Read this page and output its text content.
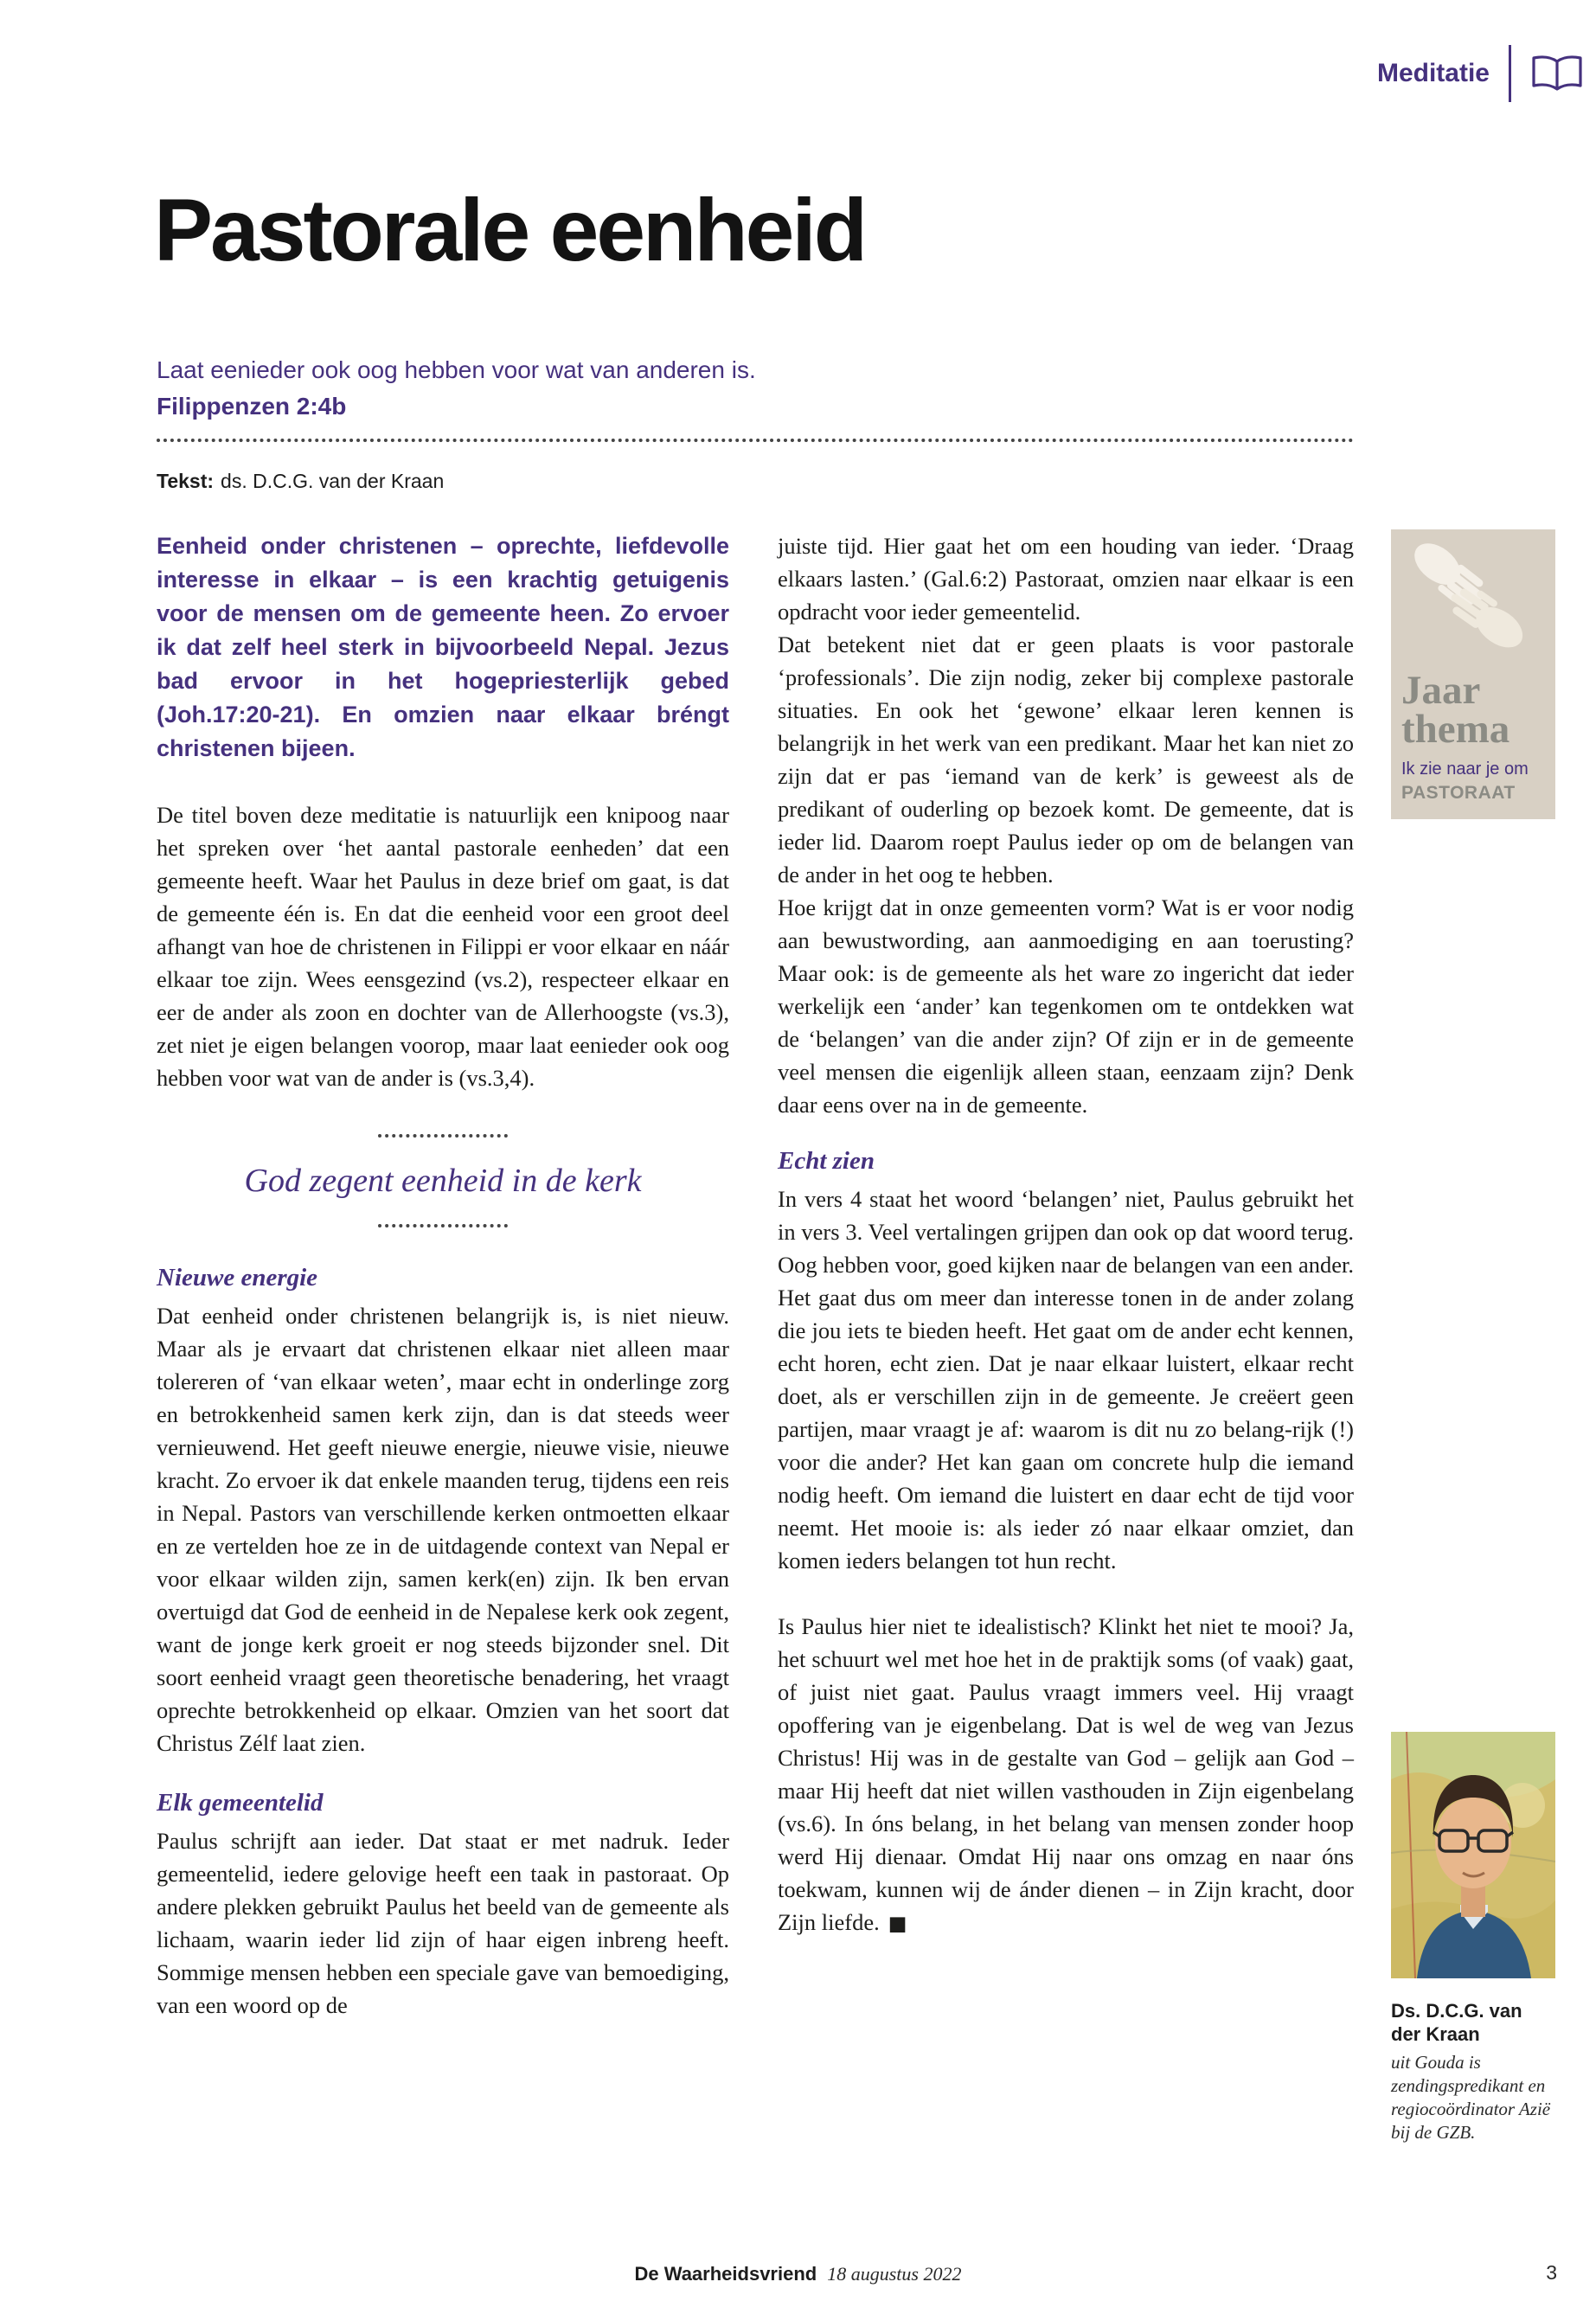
Meditatie
Pastorale eenheid
Laat eenieder ook oog hebben voor wat van anderen is.
Filippenzen 2:4b
Tekst: ds. D.C.G. van der Kraan

Eenheid onder christenen – oprechte, liefdevolle interesse in elkaar – is een krachtig getuigenis voor de mensen om de gemeente heen. Zo ervoer ik dat zelf heel sterk in bijvoorbeeld Nepal. Jezus bad ervoor in het hogepriesterlijk gebed (Joh.17:20-21). En omzien naar elkaar bréngt christenen bijeen.

De titel boven deze meditatie is natuurlijk een knipoog naar het spreken over ‘het aantal pastorale eenheden’ dat een gemeente heeft. Waar het Paulus in deze brief om gaat, is dat de gemeente één is. En dat die eenheid voor een groot deel afhangt van hoe de christenen in Filippi er voor elkaar en náár elkaar toe zijn. Wees eensgezind (vs.2), respecteer elkaar en eer de ander als zoon en dochter van de Allerhoogste (vs.3), zet niet je eigen belangen voorop, maar laat eenieder ook oog hebben voor wat van de ander is (vs.3,4).

God zegent eenheid in de kerk
Nieuwe energie

Dat eenheid onder christenen belangrijk is, is niet nieuw. Maar als je ervaart dat christenen elkaar niet alleen maar tolereren of ‘van elkaar weten’, maar echt in onderlinge zorg en betrokkenheid samen kerk zijn, dan is dat steeds weer vernieuwend. Het geeft nieuwe energie, nieuwe visie, nieuwe kracht. Zo ervoer ik dat enkele maanden terug, tijdens een reis in Nepal. Pastors van verschillende kerken ontmoetten elkaar en ze vertelden hoe ze in de uitdagende context van Nepal er voor elkaar wilden zijn, samen kerk(en) zijn. Ik ben ervan overtuigd dat God de eenheid in de Nepalese kerk ook zegent, want de jonge kerk groeit er nog steeds bijzonder snel. Dit soort eenheid vraagt geen theoretische benadering, het vraagt oprechte betrokkenheid op elkaar. Omzien van het soort dat Christus Zélf laat zien.

Elk gemeentelid

Paulus schrijft aan ieder. Dat staat er met nadruk. Ieder gemeentelid, iedere gelovige heeft een taak in pastoraat. Op andere plekken gebruikt Paulus het beeld van de gemeente als lichaam, waarin ieder lid zijn of haar eigen inbreng heeft. Sommige mensen hebben een speciale gave van bemoediging, van een woord op de

juiste tijd. Hier gaat het om een houding van ieder. ‘Draag elkaars lasten.’ (Gal.6:2) Pastoraat, omzien naar elkaar is een opdracht voor ieder gemeentelid.

Dat betekent niet dat er geen plaats is voor pastorale ‘professionals’. Die zijn nodig, zeker bij complexe pastorale situaties. En ook het ‘gewone’ elkaar leren kennen is belangrijk in het werk van een predikant. Maar het kan niet zo zijn dat er pas ‘iemand van de kerk’ is geweest als de predikant of ouderling op bezoek komt. De gemeente, dat is ieder lid. Daarom roept Paulus ieder op om de belangen van de ander in het oog te hebben.

Hoe krijgt dat in onze gemeenten vorm? Wat is er voor nodig aan bewustwording, aan aanmoediging en aan toerusting? Maar ook: is de gemeente als het ware zo ingericht dat ieder werkelijk een ‘ander’ kan tegenkomen om te ontdekken wat de ‘belangen’ van die ander zijn? Of zijn er in de gemeente veel mensen die eigenlijk alleen staan, eenzaam zijn? Denk daar eens over na in de gemeente.

Echt zien

In vers 4 staat het woord ‘belangen’ niet, Paulus gebruikt het in vers 3. Veel vertalingen grijpen dan ook op dat woord terug. Oog hebben voor, goed kijken naar de belangen van een ander. Het gaat dus om meer dan interesse tonen in de ander zolang die jou iets te bieden heeft. Het gaat om de ander echt kennen, echt horen, echt zien. Dat je naar elkaar luistert, elkaar recht doet, als er verschillen zijn in de gemeente. Je creëert geen partijen, maar vraagt je af: waarom is dit nu zo belang-rijk (!) voor die ander? Het kan gaan om concrete hulp die iemand nodig heeft. Om iemand die luistert en daar echt de tijd voor neemt. Het mooie is: als ieder zó naar elkaar omziet, dan komen ieders belangen tot hun recht.

Is Paulus hier niet te idealistisch? Klinkt het niet te mooi? Ja, het schuurt wel met hoe het in de praktijk soms (of vaak) gaat, of juist niet gaat. Paulus vraagt immers veel. Hij vraagt opoffering van je eigenbelang. Dat is wel de weg van Jezus Christus! Hij was in de gestalte van God – gelijk aan God – maar Hij heeft dat niet willen vasthouden in Zijn eigenbelang (vs.6). In óns belang, in het belang van mensen zonder hoop werd Hij dienaar. Omdat Hij naar ons omzag en naar óns toekwam, kunnen wij de ánder dienen – in Zijn kracht, door Zijn liefde. ■

Jaar
thema
Ik zie naar je om
PASTORAAT
Ds. D.C.G. van der Kraan
uit Gouda is zendingspredikant en regiocoördinator Azië bij de GZB.
De Waarheidsvriend 18 augustus 2022	3
